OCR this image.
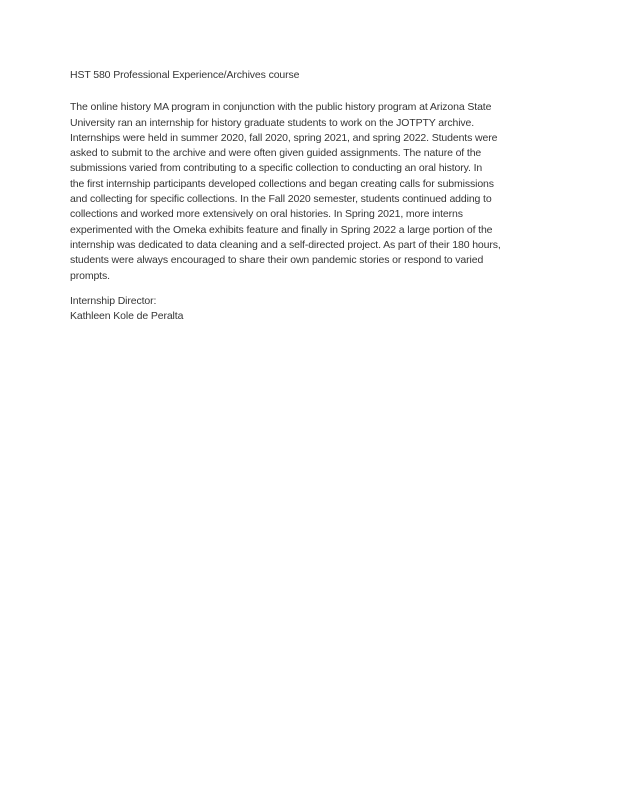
HST 580 Professional Experience/Archives course
The online history MA program in conjunction with the public history program at Arizona State
University ran an internship for history graduate students to work on the JOTPTY archive.
Internships were held in summer 2020, fall 2020, spring 2021, and spring 2022. Students were
asked to submit to the archive and were often given guided assignments. The nature of the
submissions varied from contributing to a specific collection to conducting an oral history. In
the first internship participants developed collections and began creating calls for submissions
and collecting for specific collections. In the Fall 2020 semester, students continued adding to
collections and worked more extensively on oral histories. In Spring 2021, more interns
experimented with the Omeka exhibits feature and finally in Spring 2022 a large portion of the
internship was dedicated to data cleaning and a self-directed project. As part of their 180 hours,
students were always encouraged to share their own pandemic stories or respond to varied
prompts.
Internship Director:
Kathleen Kole de Peralta
